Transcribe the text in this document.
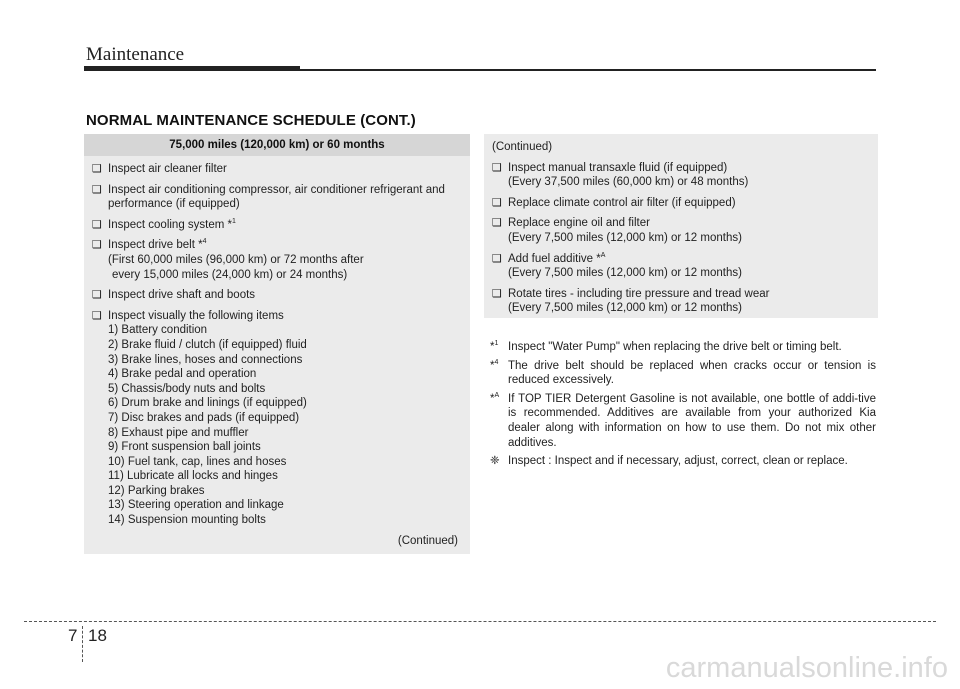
Maintenance
NORMAL MAINTENANCE SCHEDULE (CONT.)
75,000 miles (120,000 km) or 60 months
❑ Inspect air cleaner filter
❑ Inspect air conditioning compressor, air conditioner refrigerant and
performance (if equipped)
❑ Inspect cooling system *$^1$
❑ Inspect drive belt *$^4$
(First 60,000 miles (96,000 km) or 72 months after
every 15,000 miles (24,000 km) or 24 months)
❑ Inspect drive shaft and boots
❑ Inspect visually the following items
1) Battery condition
2) Brake fluid / clutch (if equipped) fluid
3) Brake lines, hoses and connections
4) Brake pedal and operation
5) Chassis/body nuts and bolts
6) Drum brake and linings (if equipped)
7) Disc brakes and pads (if equipped)
8) Exhaust pipe and muffler
9) Front suspension ball joints
10) Fuel tank, cap, lines and hoses
11) Lubricate all locks and hinges
12) Parking brakes
13) Steering operation and linkage
14) Suspension mounting bolts
(Continued)
(Continued)
❑ Inspect manual transaxle fluid (if equipped)
(Every 37,500 miles (60,000 km) or 48 months)
❑ Replace climate control air filter (if equipped)
❑ Replace engine oil and filter
(Every 7,500 miles (12,000 km) or 12 months)
❑ Add fuel additive *$^A$
(Every 7,500 miles (12,000 km) or 12 months)
❑ Rotate tires - including tire pressure and tread wear
(Every 7,500 miles (12,000 km) or 12 months)
*$^1$ Inspect "Water Pump" when replacing the drive belt or timing belt.
*$^4$ The drive belt should be replaced when cracks occur or tension is reduced excessively.
*$^A$ If TOP TIER Detergent Gasoline is not available, one bottle of addi-tive is recommended. Additives are available from your authorized Kia dealer along with information on how to use them. Do not mix other additives.
❈ Inspect : Inspect and if necessary, adjust, correct, clean or replace.
7 18
carmanualsonline.info
